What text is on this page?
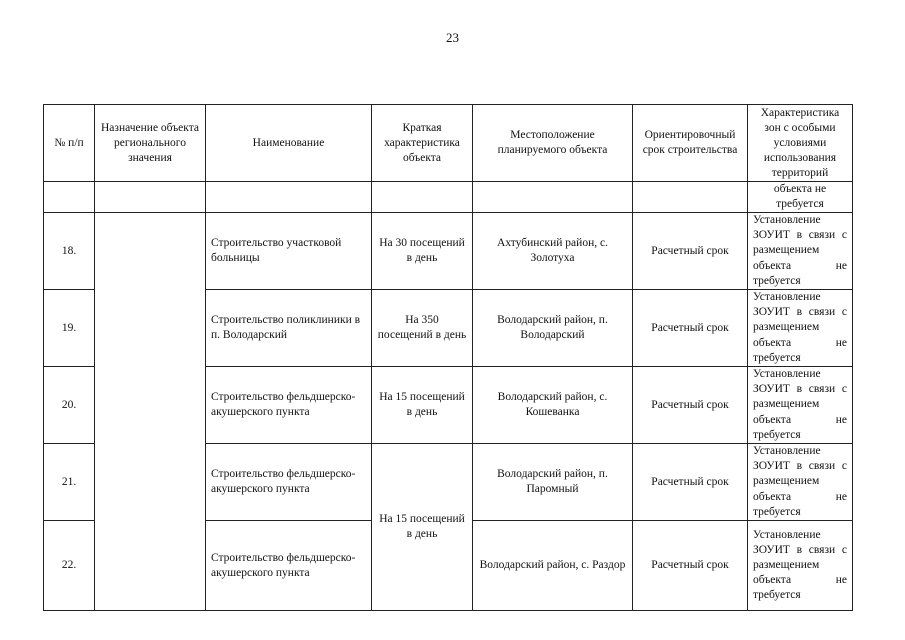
23
№ п/п	Назначение объекта регионального значения	Наименование	Краткая характеристика объекта	Местоположение планируемого объекта	Ориентировочный срок строительства	Характеристика зон с особыми условиями использования территорий
						объекта не требуется
18.		Строительство участковой больницы	На 30 посещений в день	Ахтубинский район, с. Золотуха	Расчетный срок	Установление ЗОУИТ в связи с размещением объекта не требуется
19.		Строительство поликлиники в п. Володарский	На 350 посещений в день	Володарский район, п. Володарский	Расчетный срок	Установление ЗОУИТ в связи с размещением объекта не требуется
20.		Строительство фельдшерско-акушерского пункта	На 15 посещений в день	Володарский район, с. Кошеванка	Расчетный срок	Установление ЗОУИТ в связи с размещением объекта не требуется
21.		Строительство фельдшерско-акушерского пункта	На 15 посещений в день	Володарский район, п. Паромный	Расчетный срок	Установление ЗОУИТ в связи с размещением объекта не требуется
22.		Строительство фельдшерско-акушерского пункта		Володарский район, с. Раздор	Расчетный срок	Установление ЗОУИТ в связи с размещением объекта не требуется
